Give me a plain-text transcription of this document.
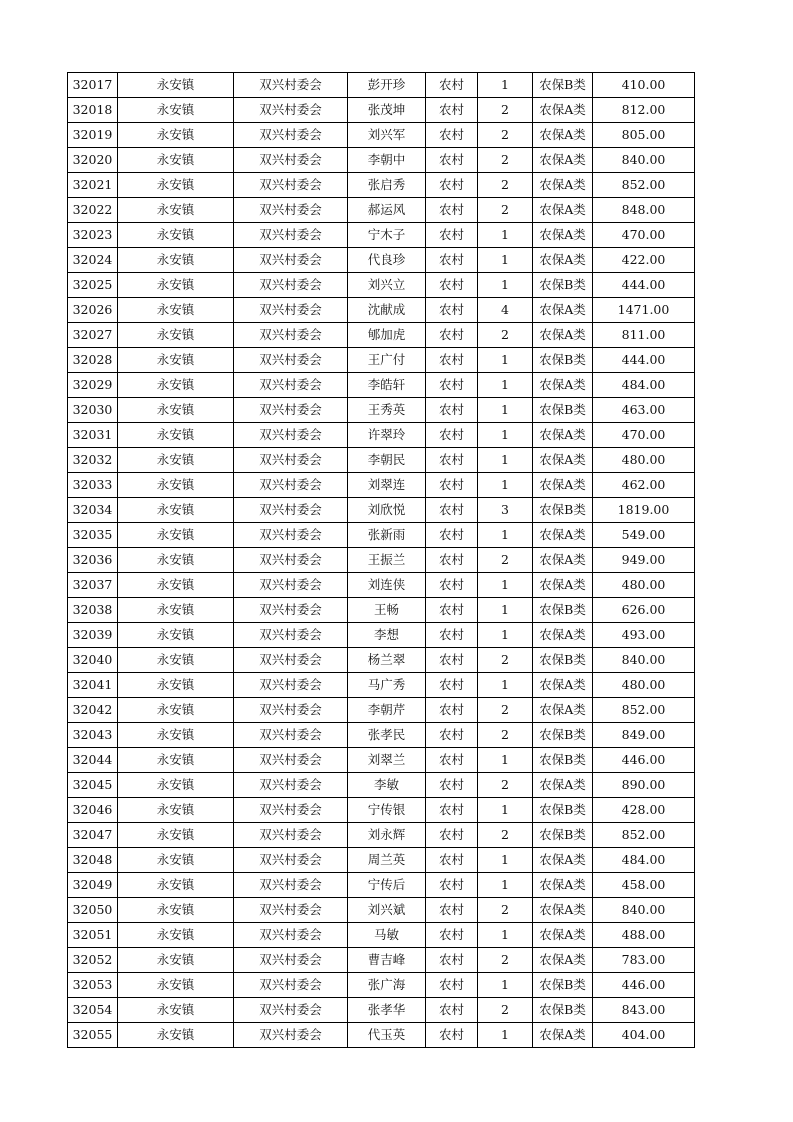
32017	永安镇	双兴村委会	彭开珍	农村	1	农保B类	410.00
32018	永安镇	双兴村委会	张茂坤	农村	2	农保A类	812.00
32019	永安镇	双兴村委会	刘兴军	农村	2	农保A类	805.00
32020	永安镇	双兴村委会	李朝中	农村	2	农保A类	840.00
32021	永安镇	双兴村委会	张启秀	农村	2	农保A类	852.00
32022	永安镇	双兴村委会	郝运风	农村	2	农保A类	848.00
32023	永安镇	双兴村委会	宁木子	农村	1	农保A类	470.00
32024	永安镇	双兴村委会	代良珍	农村	1	农保A类	422.00
32025	永安镇	双兴村委会	刘兴立	农村	1	农保B类	444.00
32026	永安镇	双兴村委会	沈献成	农村	4	农保A类	1471.00
32027	永安镇	双兴村委会	郇加虎	农村	2	农保A类	811.00
32028	永安镇	双兴村委会	王广付	农村	1	农保B类	444.00
32029	永安镇	双兴村委会	李皓轩	农村	1	农保A类	484.00
32030	永安镇	双兴村委会	王秀英	农村	1	农保B类	463.00
32031	永安镇	双兴村委会	许翠玲	农村	1	农保A类	470.00
32032	永安镇	双兴村委会	李朝民	农村	1	农保A类	480.00
32033	永安镇	双兴村委会	刘翠连	农村	1	农保A类	462.00
32034	永安镇	双兴村委会	刘欣悦	农村	3	农保B类	1819.00
32035	永安镇	双兴村委会	张新雨	农村	1	农保A类	549.00
32036	永安镇	双兴村委会	王振兰	农村	2	农保A类	949.00
32037	永安镇	双兴村委会	刘连侠	农村	1	农保A类	480.00
32038	永安镇	双兴村委会	王畅	农村	1	农保B类	626.00
32039	永安镇	双兴村委会	李想	农村	1	农保A类	493.00
32040	永安镇	双兴村委会	杨兰翠	农村	2	农保B类	840.00
32041	永安镇	双兴村委会	马广秀	农村	1	农保A类	480.00
32042	永安镇	双兴村委会	李朝芹	农村	2	农保A类	852.00
32043	永安镇	双兴村委会	张孝民	农村	2	农保B类	849.00
32044	永安镇	双兴村委会	刘翠兰	农村	1	农保B类	446.00
32045	永安镇	双兴村委会	李敏	农村	2	农保A类	890.00
32046	永安镇	双兴村委会	宁传银	农村	1	农保B类	428.00
32047	永安镇	双兴村委会	刘永辉	农村	2	农保B类	852.00
32048	永安镇	双兴村委会	周兰英	农村	1	农保A类	484.00
32049	永安镇	双兴村委会	宁传后	农村	1	农保A类	458.00
32050	永安镇	双兴村委会	刘兴斌	农村	2	农保A类	840.00
32051	永安镇	双兴村委会	马敏	农村	1	农保A类	488.00
32052	永安镇	双兴村委会	曹吉峰	农村	2	农保A类	783.00
32053	永安镇	双兴村委会	张广海	农村	1	农保B类	446.00
32054	永安镇	双兴村委会	张孝华	农村	2	农保B类	843.00
32055	永安镇	双兴村委会	代玉英	农村	1	农保A类	404.00
